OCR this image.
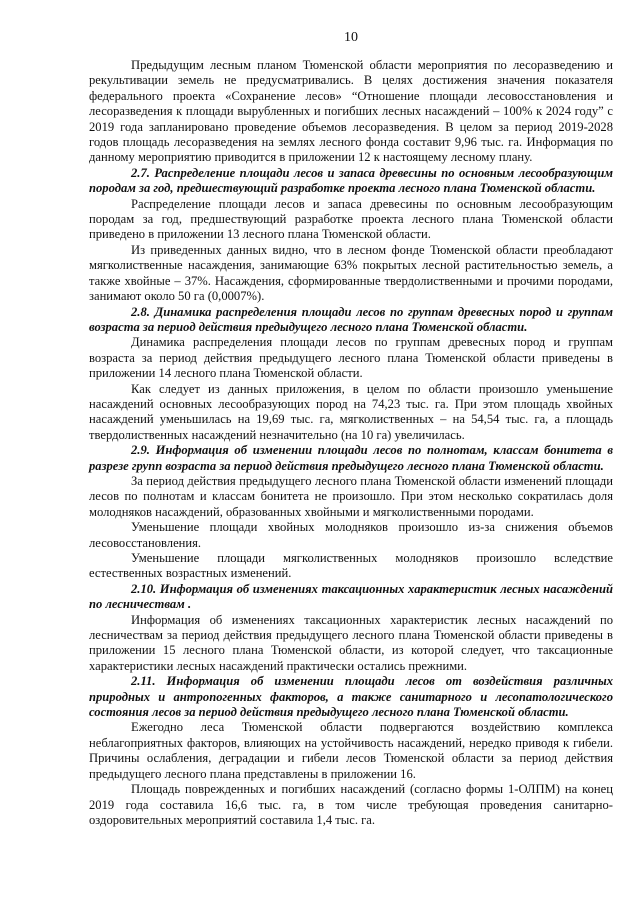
10

Предыдущим лесным планом Тюменской области мероприятия по лесоразведению и рекультивации земель не предусматривались. В целях достижения значения показателя федерального проекта «Сохранение лесов» “Отношение площади лесовосстановления и лесоразведения к площади вырубленных и погибших лесных насаждений – 100% к 2024 году” с 2019 года запланировано проведение объемов лесоразведения. В целом за период 2019-2028 годов площадь лесоразведения на землях лесного фонда составит 9,96 тыс. га. Информация по данному мероприятию приводится в приложении 12 к настоящему лесному плану.

2.7. Распределение площади лесов и запаса древесины по основным лесообразующим породам за год, предшествующий разработке проекта лесного плана Тюменской области.

Распределение площади лесов и запаса древесины по основным лесообразующим породам за год, предшествующий разработке проекта лесного плана Тюменской области приведено в приложении 13 лесного плана Тюменской области.

Из приведенных данных видно, что в лесном фонде Тюменской области преобладают мягколиственные насаждения, занимающие 63% покрытых лесной растительностью земель, а также хвойные – 37%. Насаждения, сформированные твердолиственными и прочими породами, занимают около 50 га (0,0007%).

2.8. Динамика распределения площади лесов по группам древесных пород и группам возраста за период действия предыдущего лесного плана Тюменской области.

Динамика распределения площади лесов по группам древесных пород и группам возраста за период действия предыдущего лесного плана Тюменской области приведены в приложении 14 лесного плана Тюменской области.

Как следует из данных приложения, в целом по области произошло уменьшение насаждений основных лесообразующих пород на 74,23 тыс. га. При этом площадь хвойных насаждений уменьшилась на 19,69 тыс. га, мягколиственных – на 54,54 тыс. га, а площадь твердолиственных насаждений незначительно (на 10 га) увеличилась.

2.9. Информация об изменении площади лесов по полнотам, классам бонитета в разрезе групп возраста за период действия предыдущего лесного плана Тюменской области.

За период действия предыдущего лесного плана Тюменской области изменений площади лесов по полнотам и классам бонитета не произошло. При этом несколько сократилась доля молодняков насаждений, образованных хвойными и мягколиственными породами.

Уменьшение площади хвойных молодняков произошло из-за снижения объемов лесовосстановления.

Уменьшение площади мягколиственных молодняков произошло вследствие естественных возрастных изменений.

2.10. Информация об изменениях таксационных характеристик лесных насаждений по лесничествам .

Информация об изменениях таксационных характеристик лесных насаждений по лесничествам за период действия предыдущего лесного плана Тюменской области приведены в приложении 15 лесного плана Тюменской области, из которой следует, что таксационные характеристики лесных насаждений практически остались прежними.

2.11. Информация об изменении площади лесов от воздействия различных природных и антропогенных факторов, а также санитарного и лесопатологического состояния лесов за период действия предыдущего лесного плана Тюменской области.

Ежегодно леса Тюменской области подвергаются воздействию комплекса неблагоприятных факторов, влияющих на устойчивость насаждений, нередко приводя к гибели. Причины ослабления, деградации и гибели лесов Тюменской области за период действия предыдущего лесного плана представлены в приложении 16.

Площадь поврежденных и погибших насаждений (согласно формы 1-ОЛПМ) на конец 2019 года составила 16,6 тыс. га, в том числе требующая проведения санитарно-оздоровительных мероприятий составила 1,4 тыс. га.
